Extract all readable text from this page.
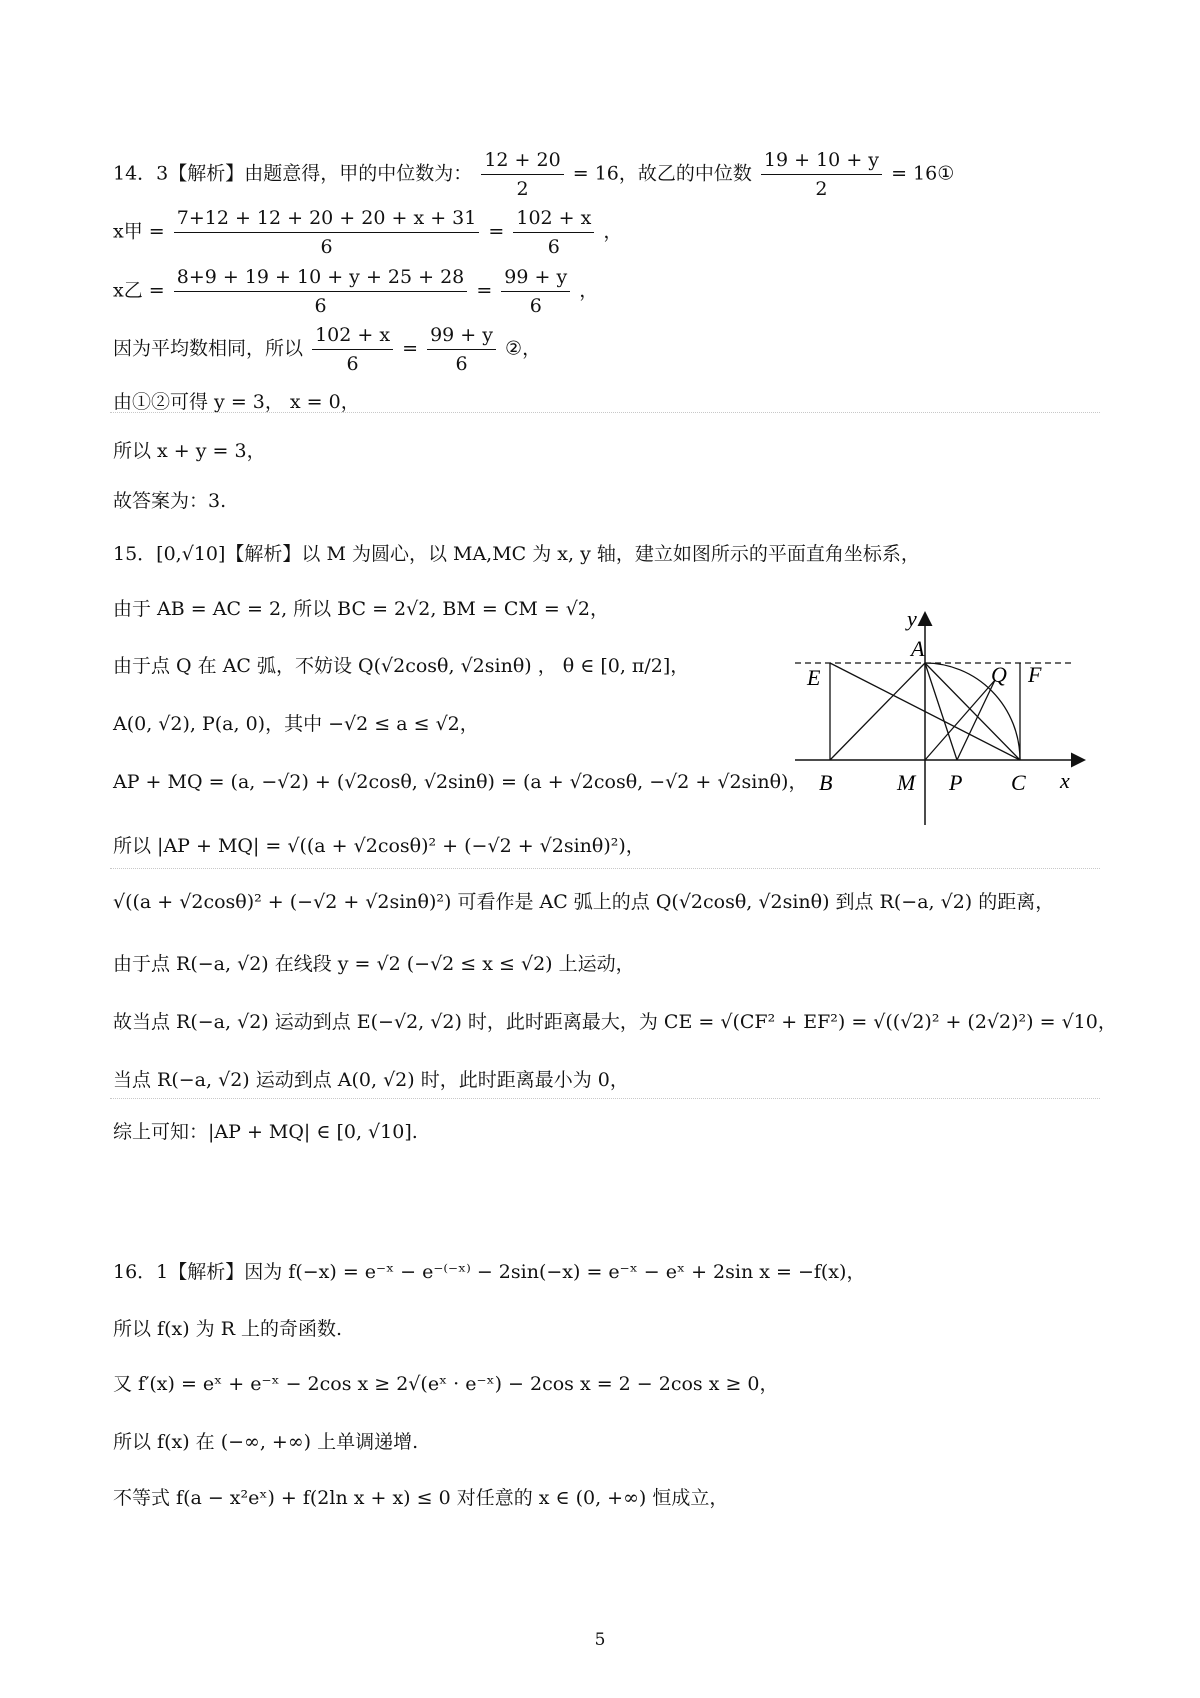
14．3【解析】由题意得，甲的中位数为： $\frac{12 + 20}{2} = 16$，故乙的中位数 $\frac{19 + 10 + y}{2}$ = 16①
x甲 = $\frac{7+12 + 12 + 20 + 20 + x + 31}{6} = \frac{102 + x}{6}$ ，
x乙 = $\frac{8+9 + 19 + 10 + y + 25 + 28}{6} = \frac{99 + y}{6}$ ，
因为平均数相同，所以 $\frac{102 + x}{6} = \frac{99 + y}{6}$ ②，
由①②可得 y = 3， x = 0，
所以 x + y = 3，
故答案为：3.
15．[0,√10]【解析】以 M 为圆心，以 MA,MC 为 x, y 轴，建立如图所示的平面直角坐标系，
由于 AB = AC = 2, 所以 BC = 2√2, BM = CM = √2，
由于点 Q 在 AC 弧，不妨设 Q(√2cosθ, √2sinθ) ， θ ∈ [0, π/2]，
A(0, √2), P(a, 0)，其中 −√2 ≤ a ≤ √2，
AP + MQ = (a, −√2) + (√2cosθ, √2sinθ) = (a + √2cosθ, −√2 + √2sinθ)，
所以 |AP + MQ| = √((a + √2cosθ)² + (−√2 + √2sinθ)²)，
√((a + √2cosθ)² + (−√2 + √2sinθ)²) 可看作是 AC 弧上的点 Q(√2cosθ, √2sinθ) 到点 R(−a, √2) 的距离，
由于点 R(−a, √2) 在线段 y = √2 (−√2 ≤ x ≤ √2) 上运动，
故当点 R(−a, √2) 运动到点 E(−√2, √2) 时，此时距离最大，为 CE = √(CF² + EF²) = √((√2)² + (2√2)²) = √10，
当点 R(−a, √2) 运动到点 A(0, √2) 时，此时距离最小为 0，
综上可知：|AP + MQ| ∈ [0, √10].
y
A
E	Q F
B	M P C x
16．1【解析】因为 f(−x) = e⁻ˣ − e⁻⁽⁻ˣ⁾ − 2sin(−x) = e⁻ˣ − eˣ + 2sin x = −f(x)，
所以 f(x) 为 R 上的奇函数.
又 f′(x) = eˣ + e⁻ˣ − 2cos x ≥ 2√(eˣ · e⁻ˣ) − 2cos x = 2 − 2cos x ≥ 0，
所以 f(x) 在 (−∞, +∞) 上单调递增.
不等式 f(a − x²eˣ) + f(2ln x + x) ≤ 0 对任意的 x ∈ (0, +∞) 恒成立，
5
